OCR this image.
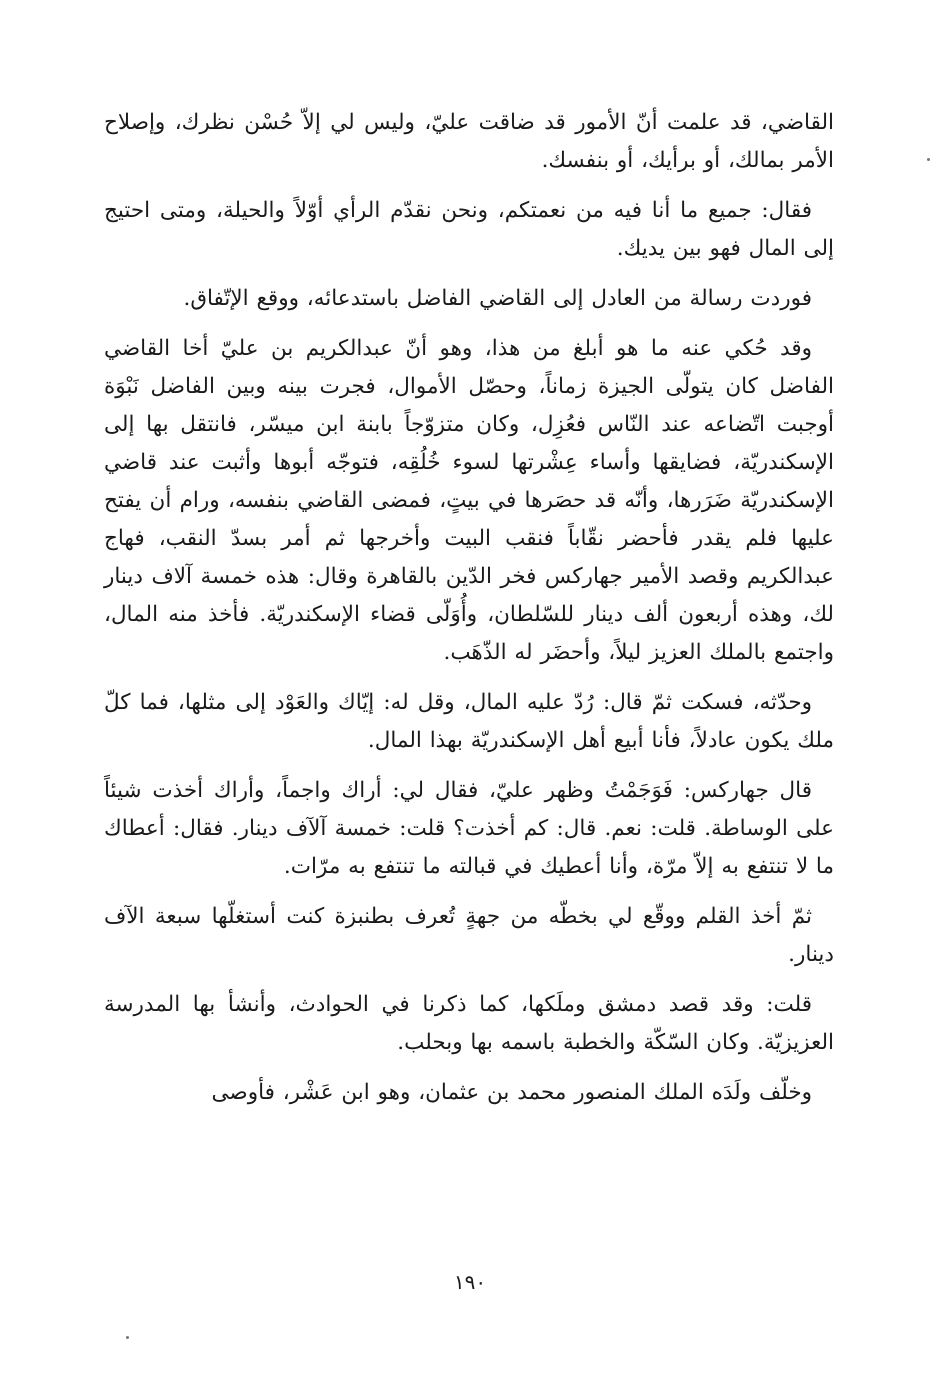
القاضي، قد علمت أنّ الأمور قد ضاقت عليّ، وليس لي إلاّ حُسْن نظرك، وإصلاح الأمر بمالك، أو برأيك، أو بنفسك.

فقال: جميع ما أنا فيه من نعمتكم، ونحن نقدّم الرأي أوّلاً والحيلة، ومتى احتيج إلى المال فهو بين يديك.

فوردت رسالة من العادل إلى القاضي الفاضل باستدعائه، ووقع الإتّفاق.

وقد حُكي عنه ما هو أبلغ من هذا، وهو أنّ عبدالكريم بن عليّ أخا القاضي الفاضل كان يتولّى الجيزة زماناً، وحصّل الأموال، فجرت بينه وبين الفاضل نَبْوَة أوجبت اتّضاعه عند النّاس فعُزِل، وكان متزوّجاً بابنة ابن ميسّر، فانتقل بها إلى الإسكندريّة، فضايقها وأساء عِشْرتها لسوء خُلُقِه، فتوجّه أبوها وأثبت عند قاضي الإسكندريّة ضَرَرها، وأنّه قد حصَرها في بيتٍ، فمضى القاضي بنفسه، ورام أن يفتح عليها فلم يقدر فأحضر نقّاباً فنقب البيت وأخرجها ثم أمر بسدّ النقب، فهاج عبدالكريم وقصد الأمير جهاركس فخر الدّين بالقاهرة وقال: هذه خمسة آلاف دينار لك، وهذه أربعون ألف دينار للسّلطان، وأُوَلّى قضاء الإسكندريّة. فأخذ منه المال، واجتمع بالملك العزيز ليلاً، وأحضَر له الذّهَب.

وحدّثه، فسكت ثمّ قال: رُدّ عليه المال، وقل له: إيّاك والعَوْد إلى مثلها، فما كلّ ملك يكون عادلاً، فأنا أبيع أهل الإسكندريّة بهذا المال.

قال جهاركس: فَوَجَمْتُ وظهر عليّ، فقال لي: أراك واجماً، وأراك أخذت شيئاً على الوساطة. قلت: نعم. قال: كم أخذت؟ قلت: خمسة آلآف دينار. فقال: أعطاك ما لا تنتفع به إلاّ مرّة، وأنا أعطيك في قبالته ما تنتفع به مرّات.

ثمّ أخذ القلم ووقّع لي بخطّه من جهةٍ تُعرف بطنبزة كنت أستغلّها سبعة الآف دينار.

قلت: وقد قصد دمشق وملَكها، كما ذكرنا في الحوادث، وأنشأ بها المدرسة العزيزيّة. وكان السّكّة والخطبة باسمه بها وبحلب.

وخلّف ولَدَه الملك المنصور محمد بن عثمان، وهو ابن عَشْر، فأوصى

١٩٠
